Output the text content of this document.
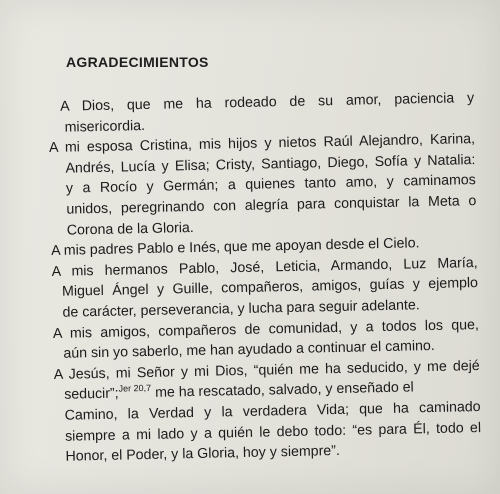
AGRADECIMIENTOS
A Dios, que me ha rodeado de su amor, paciencia y
misericordia.
A mi esposa Cristina, mis hijos y nietos Raúl Alejandro, Karina,
Andrés, Lucía y Elisa; Cristy, Santiago, Diego, Sofía y Natalia:
y a Rocío y Germán; a quienes tanto amo, y caminamos
unidos, peregrinando con alegría para conquistar la Meta o
Corona de la Gloria.
A mis padres Pablo e Inés, que me apoyan desde el Cielo.
A mis hermanos Pablo, José, Leticia, Armando, Luz María,
Miguel Ángel y Guille, compañeros, amigos, guías y ejemplo
de carácter, perseverancia, y lucha para seguir adelante.
A mis amigos, compañeros de comunidad, y a todos los que,
aún sin yo saberlo, me han ayudado a continuar el camino.
A Jesús, mi Señor y mi Dios, “quién me ha seducido, y me dejé
seducir”;$^{Jer 20,7}$ me ha rescatado, salvado, y enseñado el
Camino, la Verdad y la verdadera Vida; que ha caminado
siempre a mi lado y a quién le debo todo: “es para Él, todo el
Honor, el Poder, y la Gloria, hoy y siempre”.
